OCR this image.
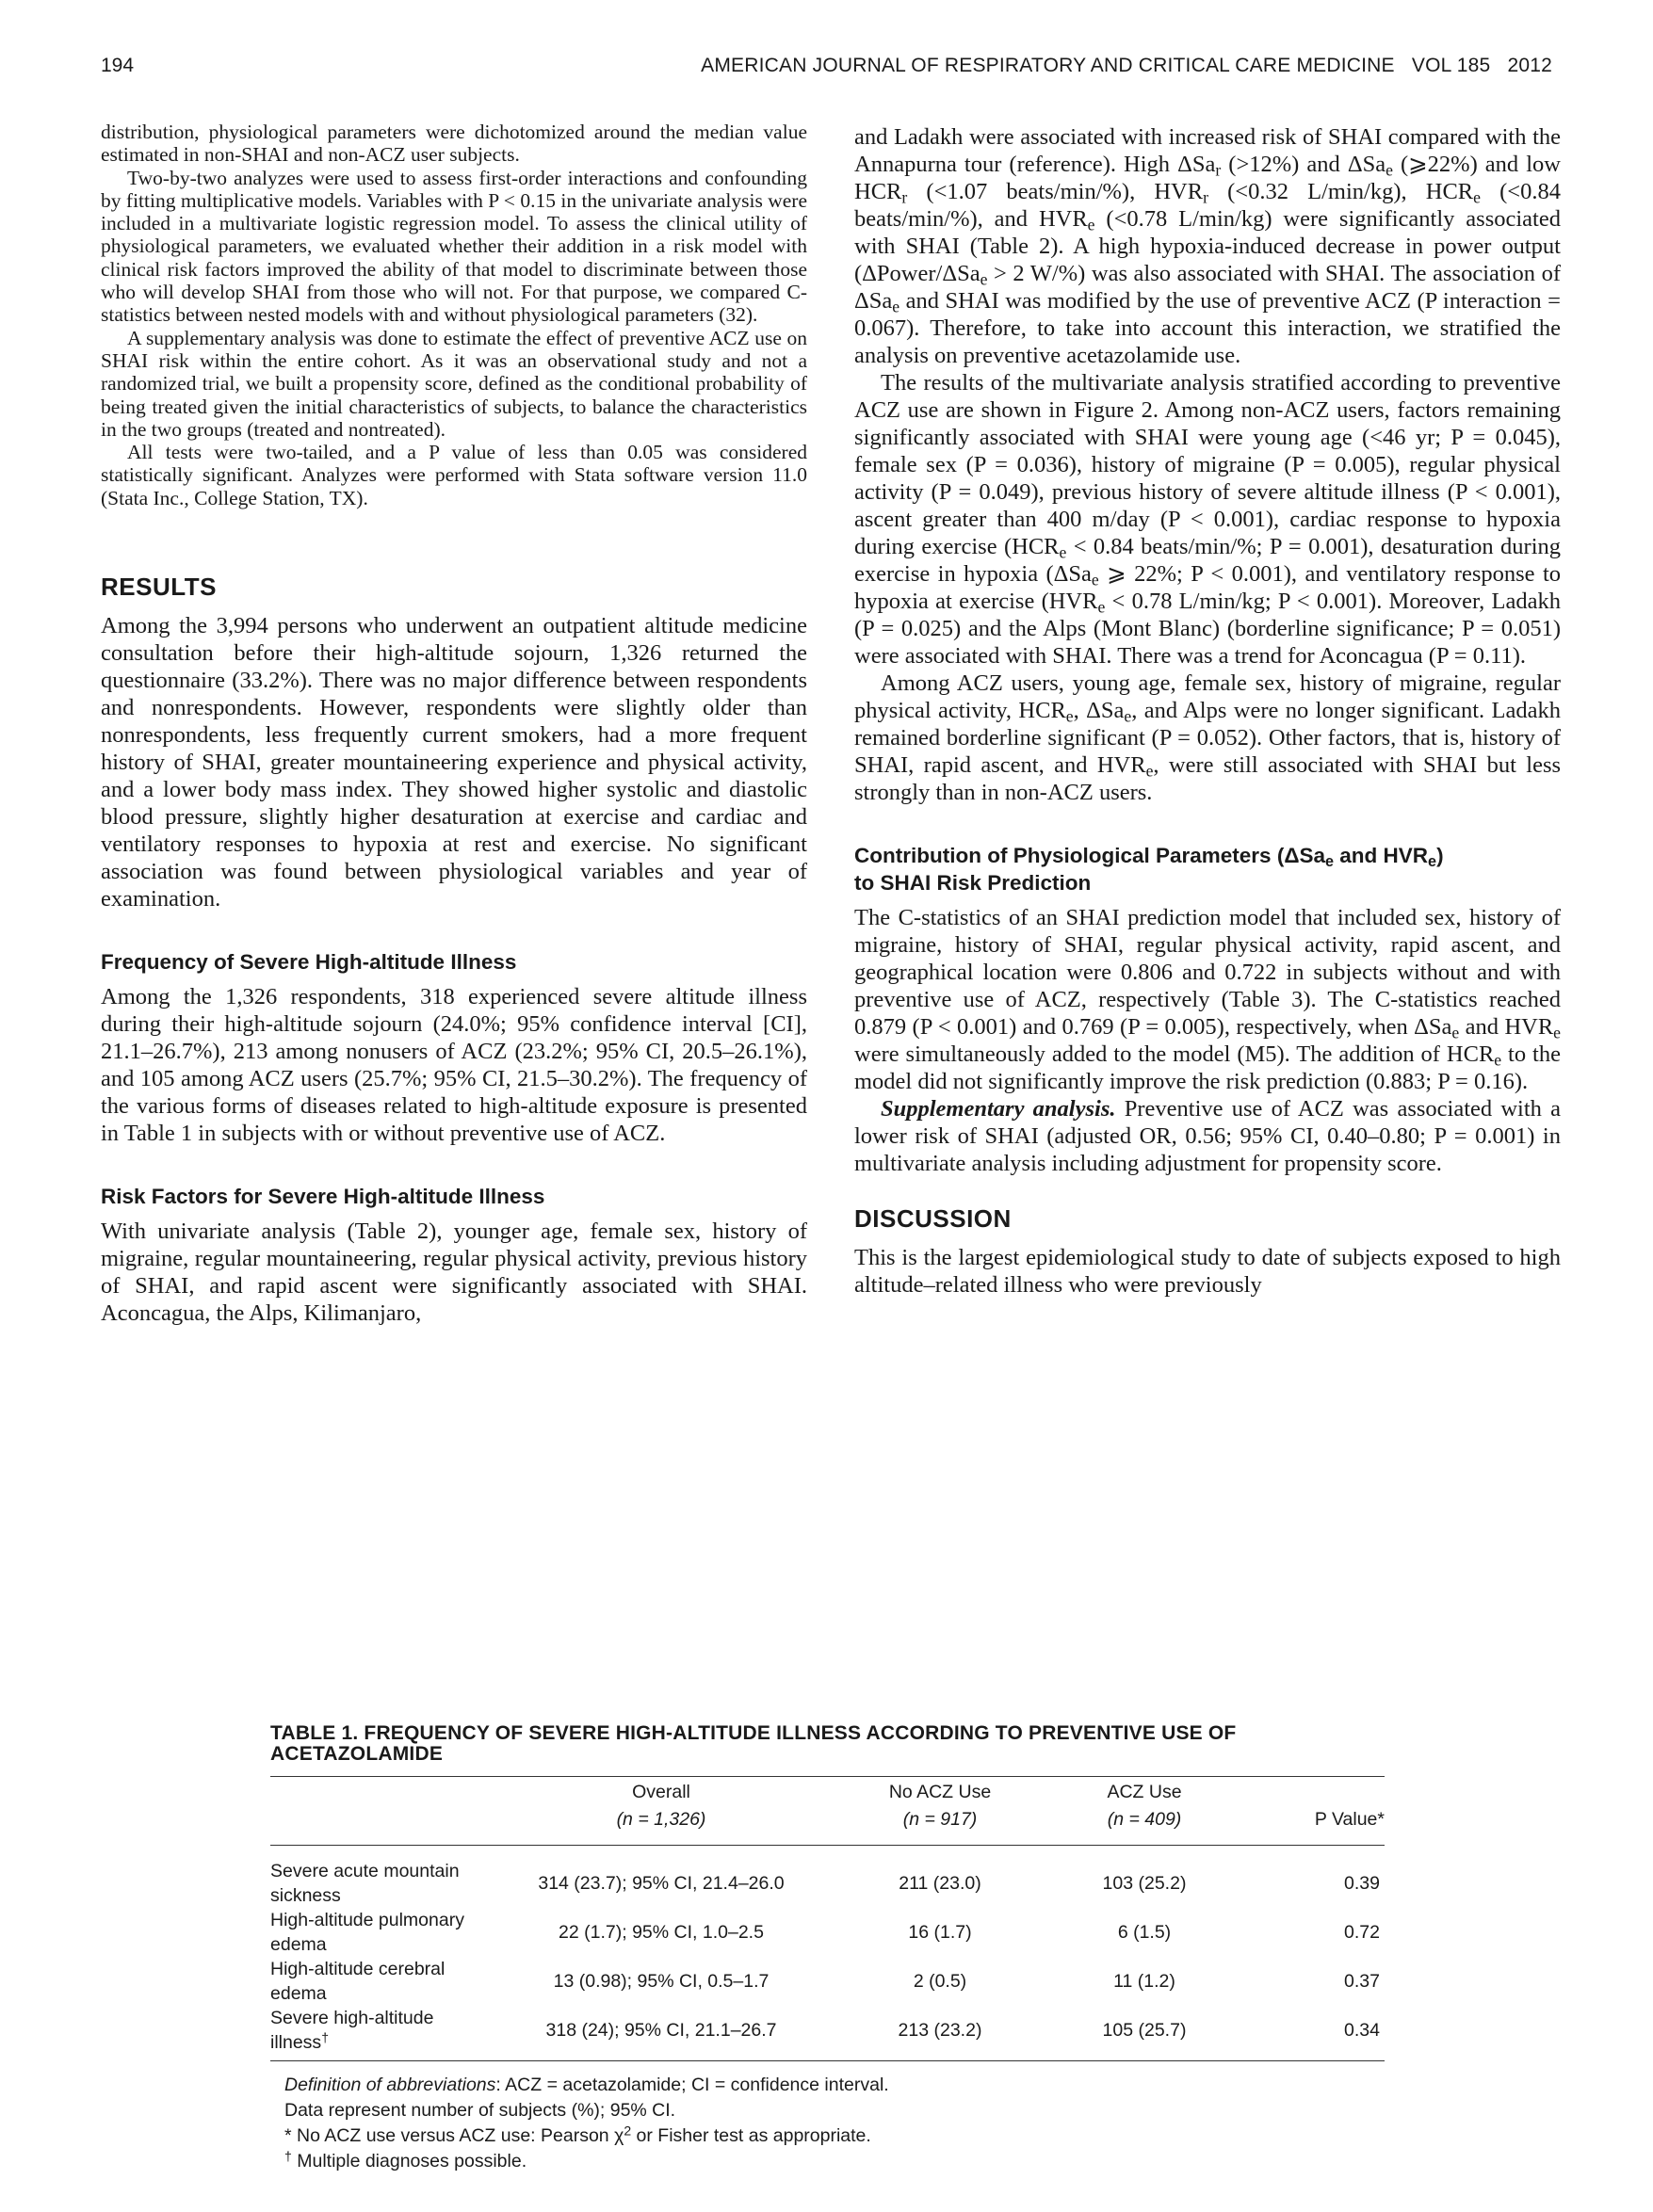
194	AMERICAN JOURNAL OF RESPIRATORY AND CRITICAL CARE MEDICINE   VOL 185   2012

distribution, physiological parameters were dichotomized around the median value estimated in non-SHAI and non-ACZ user subjects.

Two-by-two analyzes were used to assess first-order interactions and confounding by fitting multiplicative models. Variables with P < 0.15 in the univariate analysis were included in a multivariate logistic regression model. To assess the clinical utility of physiological parameters, we evaluated whether their addition in a risk model with clinical risk factors improved the ability of that model to discriminate between those who will develop SHAI from those who will not. For that purpose, we compared C-statistics between nested models with and without physiological parameters (32).

A supplementary analysis was done to estimate the effect of preventive ACZ use on SHAI risk within the entire cohort. As it was an observational study and not a randomized trial, we built a propensity score, defined as the conditional probability of being treated given the initial characteristics of subjects, to balance the characteristics in the two groups (treated and nontreated).

All tests were two-tailed, and a P value of less than 0.05 was considered statistically significant. Analyzes were performed with Stata software version 11.0 (Stata Inc., College Station, TX).

RESULTS

Among the 3,994 persons who underwent an outpatient altitude medicine consultation before their high-altitude sojourn, 1,326 returned the questionnaire (33.2%). There was no major difference between respondents and nonrespondents. However, respondents were slightly older than nonrespondents, less frequently current smokers, had a more frequent history of SHAI, greater mountaineering experience and physical activity, and a lower body mass index. They showed higher systolic and diastolic blood pressure, slightly higher desaturation at exercise and cardiac and ventilatory responses to hypoxia at rest and exercise. No significant association was found between physiological variables and year of examination.

Frequency of Severe High-altitude Illness

Among the 1,326 respondents, 318 experienced severe altitude illness during their high-altitude sojourn (24.0%; 95% confidence interval [CI], 21.1–26.7%), 213 among nonusers of ACZ (23.2%; 95% CI, 20.5–26.1%), and 105 among ACZ users (25.7%; 95% CI, 21.5–30.2%). The frequency of the various forms of diseases related to high-altitude exposure is presented in Table 1 in subjects with or without preventive use of ACZ.

Risk Factors for Severe High-altitude Illness

With univariate analysis (Table 2), younger age, female sex, history of migraine, regular mountaineering, regular physical activity, previous history of SHAI, and rapid ascent were significantly associated with SHAI. Aconcagua, the Alps, Kilimanjaro,

and Ladakh were associated with increased risk of SHAI compared with the Annapurna tour (reference). High ΔSa$_r$ (>12%) and ΔSa$_e$ (⩾22%) and low $HCR_r$ (<1.07 beats/min/%), $HVR_r$ (<0.32 L/min/kg), $HCR_e$ (<0.84 beats/min/%), and $HVR_e$ (<0.78 L/min/kg) were significantly associated with SHAI (Table 2). A high hypoxia-induced decrease in power output (ΔPower/ΔSa$_e$ > 2 W/%) was also associated with SHAI. The association of ΔSa$_e$ and SHAI was modified by the use of preventive ACZ (P interaction = 0.067). Therefore, to take into account this interaction, we stratified the analysis on preventive acetazolamide use.

The results of the multivariate analysis stratified according to preventive ACZ use are shown in Figure 2. Among non-ACZ users, factors remaining significantly associated with SHAI were young age (<46 yr; P = 0.045), female sex (P = 0.036), history of migraine (P = 0.005), regular physical activity (P = 0.049), previous history of severe altitude illness (P < 0.001), ascent greater than 400 m/day (P < 0.001), cardiac response to hypoxia during exercise ($HCR_e < 0.84$ beats/min/%; P = 0.001), desaturation during exercise in hypoxia (ΔSa$_e$ ⩾ 22%; P < 0.001), and ventilatory response to hypoxia at exercise ($HVR_e < 0.78$ L/min/kg; P < 0.001). Moreover, Ladakh (P = 0.025) and the Alps (Mont Blanc) (borderline significance; P = 0.051) were associated with SHAI. There was a trend for Aconcagua (P = 0.11).

Among ACZ users, young age, female sex, history of migraine, regular physical activity, $HCR_e$, ΔSa$_e$, and Alps were no longer significant. Ladakh remained borderline significant (P = 0.052). Other factors, that is, history of SHAI, rapid ascent, and $HVR_e$, were still associated with SHAI but less strongly than in non-ACZ users.

Contribution of Physiological Parameters (ΔSa$_e$ and $HVR_e$)
to SHAI Risk Prediction

The C-statistics of an SHAI prediction model that included sex, history of migraine, history of SHAI, regular physical activity, rapid ascent, and geographical location were 0.806 and 0.722 in subjects without and with preventive use of ACZ, respectively (Table 3). The C-statistics reached 0.879 (P < 0.001) and 0.769 (P = 0.005), respectively, when ΔSa$_e$ and $HVR_e$ were simultaneously added to the model (M5). The addition of $HCR_e$ to the model did not significantly improve the risk prediction (0.883; P = 0.16).

Supplementary analysis. Preventive use of ACZ was associated with a lower risk of SHAI (adjusted OR, 0.56; 95% CI, 0.40–0.80; P = 0.001) in multivariate analysis including adjustment for propensity score.

DISCUSSION

This is the largest epidemiological study to date of subjects exposed to high altitude–related illness who were previously

TABLE 1. FREQUENCY OF SEVERE HIGH-ALTITUDE ILLNESS ACCORDING TO PREVENTIVE USE OF ACETAZOLAMIDE

	Overall	No ACZ Use	ACZ Use	
	(n = 1,326)	(n = 917)	(n = 409)	P Value*
Severe acute mountain sickness	314 (23.7); 95% CI, 21.4–26.0	211 (23.0)	103 (25.2)	0.39
High-altitude pulmonary edema	22 (1.7); 95% CI, 1.0–2.5	16 (1.7)	6 (1.5)	0.72
High-altitude cerebral edema	13 (0.98); 95% CI, 0.5–1.7	2 (0.5)	11 (1.2)	0.37
Severe high-altitude illness†	318 (24); 95% CI, 21.1–26.7	213 (23.2)	105 (25.7)	0.34

Definition of abbreviations: ACZ = acetazolamide; CI = confidence interval.

Data represent number of subjects (%); 95% CI.

* No ACZ use versus ACZ use: Pearson $\chi^2$ or Fisher test as appropriate.

† Multiple diagnoses possible.
